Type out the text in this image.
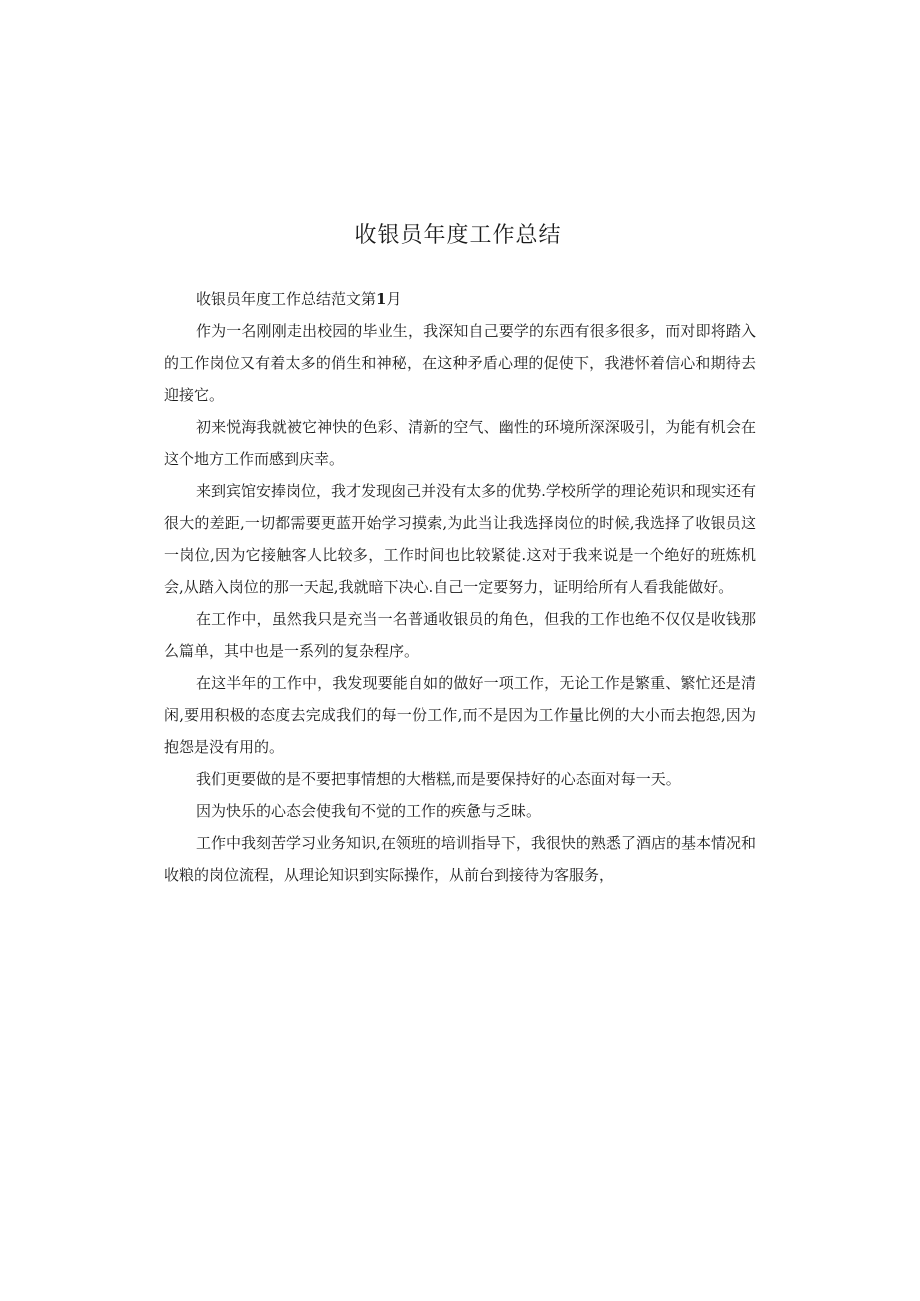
收银员年度工作总结

收银员年度工作总结范文第1月

作为一名刚刚走出校园的毕业生，我深知自己要学的东西有很多很多，而对即将踏入的工作岗位又有着太多的俏生和神秘，在这种矛盾心理的促使下，我港怀着信心和期待去迎接它。

初来悦海我就被它神快的色彩、清新的空气、幽性的环境所深深吸引，为能有机会在这个地方工作而感到庆幸。

来到宾馆安捧岗位，我才发现囱己并没有太多的优势.学校所学的理论苑识和现实还有很大的差距,一切都需要更蓝开始学习摸索,为此当让我选择岗位的时候,我选择了收银员这一岗位,因为它接触客人比较多，工作时间也比较紧徒.这对于我来说是一个绝好的班炼机会,从踏入岗位的那一天起,我就暗下决心.自己一定要努力，证明给所有人看我能做好。

在工作中，虽然我只是充当一名普通收银员的角色，但我的工作也绝不仅仅是收钱那么篇单，其中也是一系列的复杂程序。

在这半年的工作中，我发现要能自如的做好一项工作，无论工作是繁重、繁忙还是清闲,要用积极的态度去完成我们的每一份工作,而不是因为工作量比例的大小而去抱怨,因为抱怨是没有用的。

我们更要做的是不要把事情想的大楷糕,而是要保持好的心态面对每一天。

因为快乐的心态会使我旬不觉的工作的疾惫与乏昧。

工作中我刻苦学习业务知识,在领班的培训指导下，我很快的熟悉了酒店的基本情况和收粮的岗位流程，从理论知识到实际操作，从前台到接待为客服务，
